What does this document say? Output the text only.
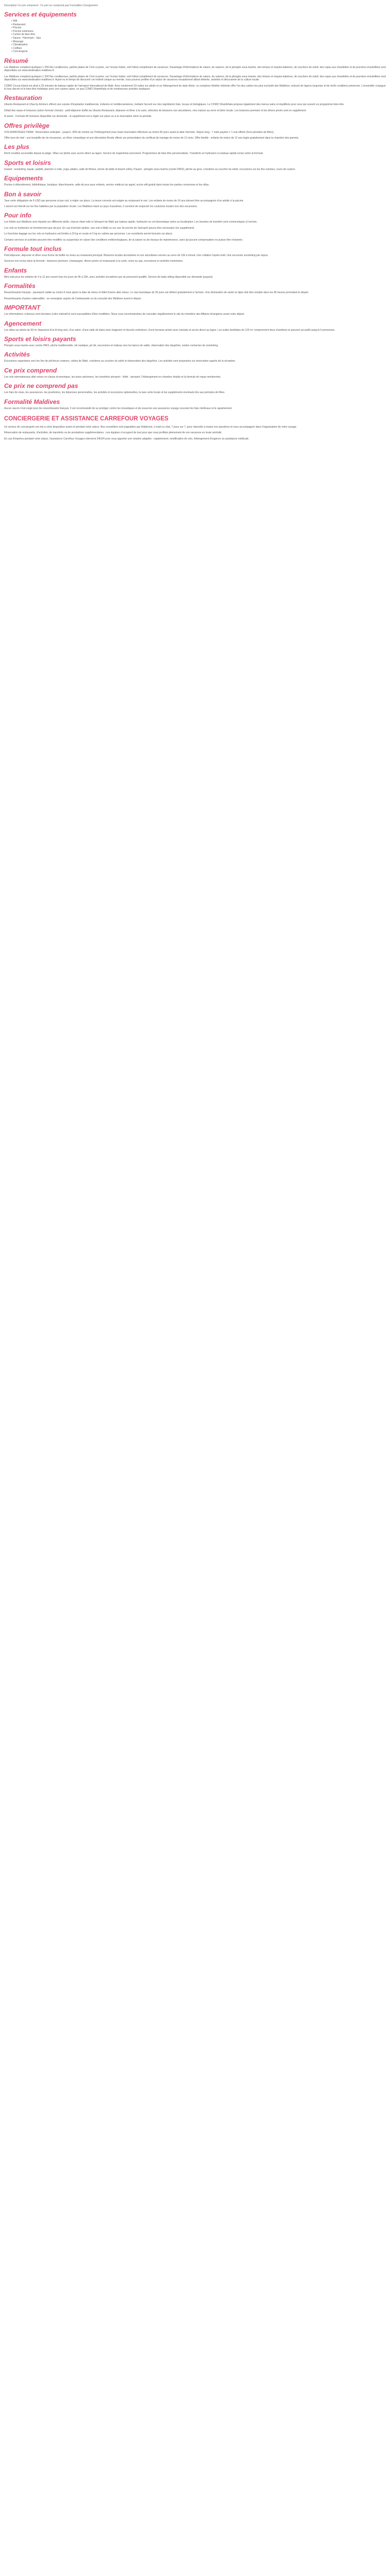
Description Ce prix comprend : Ce prix ne comprend pas Formalités Consignment
Services et équipements
• Wifi
• Restaurant
• Piscine
• Piscine extérieure
• Centre de bien-être
• Sauna - Hammam - Spa
• Massage
• Climatisation
• Coiffure
• Conciergerie
Résumé
Les Maldives comptent quelques 1 200 îles coralliennes, parfois plates de 3 km à peine, sur l'océan Indien, soit l'idéal complément de vacances. Davantage d'informations de nature, de saisons, de la plongée sous-marine, des tortues et requins-baleines, de couchers de soleil, des repas aux chandelles et de journées ensoleillées sont disponibles sur www.destination-maldives.fr.
Les Maldives comptent quelques 1 200 îles coralliennes, parfois plates de 3 km à peine, sur l'océan Indien, soit l'idéal complément de vacances. Davantage d'informations de nature, de saisons, de la plongée sous-marine, des tortues et requins-baleines, de couchers de soleil, des repas aux chandelles et de journées ensoleillées sont disponibles sur www.destination-maldives.fr. Ayant eu le temps de découvrir cet endroit unique au monde, vous pourrez profiter d'un séjour de vacances exceptionnel alliant détente, activités et découverte de la culture locale.
COMO Cocoa Island est situé à 25 minutes de bateau rapide de l'aéroport international de Malé. Avec seulement 33 suites sur pilotis et un hébergement de style dhoni, ce complexe hôtelier intimiste offre l'un des cadres les plus exclusifs des Maldives, entouré de lagons turquoise et de récifs coralliens préservés. L'ensemble conjugue le luxe discret et le bien-être holistique avec une cuisine saine, un spa COMO Shambhala et de nombreuses activités nautiques.
Restauration
Ubuntu Restaurant et Ufaa by Amma's offrent une cuisine d'inspiration maldivienne, indienne et méditerranéenne, mettant l'accent sur des ingrédients frais, locaux et biologiques. Le COMO Shambhala propose également des menus sains et équilibrés pour ceux qui suivent un programme bien-être.
Détail des repas et boissons (selon formule choisie) : petit-déjeuner buffet au Ubuntu Restaurant, déjeuner et dîner à la carte, sélection de boissons non alcoolisées, vins maison au verre et bière locale. Les boissons premium et les dîners privés sont en supplément.
A savoir : Formule All Inclusive disponible sur demande - le supplément est à régler sur place ou à la réservation selon la période.
Offres privilège
VOS AVANTAGES FRAM : Réservation anticipée - jusqu'à -30% de remise sur l'hébergement pour toute réservation effectuée au moins 60 jours avant la date d'arrivée. Séjour long - 7 nuits payées = 1 nuit offerte (hors périodes de fêtes).
Offre lune de miel : une bouteille de vin mousseux, un dîner romantique et une décoration florale offerts sur présentation du certificat de mariage de moins de 12 mois. Offre famille : enfants de moins de 12 ans logés gratuitement dans la chambre des parents.
Les plus
Récif corallien accessible depuis la plage. Villas sur pilotis avec accès direct au lagon. Service de majordome personnel. Programmes de bien-être personnalisés. Transferts en hydravion ou bateau rapide inclus selon la formule.
Sports et loisirs
Gratuit : snorkeling, kayak, paddle, planche à voile, yoga, pilates, salle de fitness, tennis de table et beach-volley. Payant : plongée sous-marine (centre PADI), pêche au gros, croisières au coucher du soleil, excursions sur les îles voisines, cours de cuisine.
Equipements
Piscine à débordement, bibliothèque, boutique, blanchisserie, salle de jeux pour enfants, service médical sur appel, accès wifi gratuit dans toutes les parties communes et les villas.
Bon à savoir
Taxe verte obligatoire de 6 USD par personne et par nuit, à régler sur place. La tenue correcte est exigée au restaurant le soir. Les enfants de moins de 16 ans doivent être accompagnés d'un adulte à la piscine.
L'alcool est interdit sur les îles habitées par la population locale. Les Maldives étant un pays musulman, il convient de respecter les coutumes locales lors des excursions.
Pour info
Les hôtels aux Maldives sont répartis sur différents atolls, chacun étant relié à l'aéroport de Malé par bateau rapide, hydravion ou vol domestique selon sa localisation. Les horaires de transfert sont communiqués à l'arrivée.
Les vols en hydravion ne fonctionnent que de jour. En cas d'arrivée tardive, une nuit à Malé ou sur une île proche de l'aéroport pourra être nécessaire (en supplément).
Le franchise bagage sur les vols en hydravion est limitée à 20 kg en soute et 5 kg en cabine par personne. Les excédents seront facturés sur place.
Certains services et activités peuvent être modifiés ou suspendus en raison des conditions météorologiques, de la saison ou de travaux de maintenance, sans qu'aucune compensation ne puisse être réclamée.
Formule tout inclus
Petit-déjeuner, déjeuner et dîner sous forme de buffet ou menu au restaurant principal. Boissons locales alcoolisées et non alcoolisées servies au verre de 10h à minuit. Une collation l'après-midi. Une excursion snorkeling par séjour.
Services non inclus dans la formule : boissons premium, champagne, dîners privés et restaurants à la carte, soins au spa, excursions et activités motorisées.
Enfants
Mini-club pour les enfants de 4 à 12 ans ouvert tous les jours de 9h à 18h, avec activités encadrées par du personnel qualifié. Service de baby-sitting disponible sur demande (payant).
Formalités
Ressortissants français : passeport valide au moins 6 mois après la date de retour et billet d'avion aller-retour. Le visa touristique de 30 jours est délivré gratuitement à l'arrivée. Une déclaration de santé en ligne doit être remplie dans les 96 heures précédant le départ.
Ressortissants d'autres nationalités : se renseigner auprès de l'ambassade ou du consulat des Maldives avant le départ.
IMPORTANT
Les informations ci-dessus sont données à titre indicatif et sont susceptibles d'être modifiées. Nous vous recommandons de consulter régulièrement le site du ministère des Affaires étrangères avant votre départ.
Agencement
Les villas sur pilotis de 60 m² disposent d'un lit king size, d'un salon, d'une salle de bains avec baignoire et douche extérieure, d'une terrasse privée avec transats et accès direct au lagon. Les suites familiales de 120 m² comprennent deux chambres et peuvent accueillir jusqu'à 4 personnes.
Sports et loisirs payants
Plongée sous-marine avec centre PADI, pêche traditionnelle, ski nautique, jet ski, excursions en bateau vers les bancs de sable, observation des dauphins, sorties nocturnes de snorkeling.
Activités
Excursions organisées vers les îles de pêcheurs voisines, visites de Malé, croisières au coucher du soleil et observation des dauphins. Les activités sont proposées sur réservation auprès de la réception.
Ce prix comprend
Les vols internationaux aller-retour en classe économique, les taxes aériennes, les transferts aéroport - hôtel - aéroport, l'hébergement en chambre double et la formule de repas mentionnée.
Ce prix ne comprend pas
Les frais de visas, les assurances, les pourboires, les dépenses personnelles, les activités et excursions optionnelles, la taxe verte locale et les suppléments éventuels liés aux périodes de fêtes.
Formalité Maldives
Aucun vaccin n'est exigé pour les ressortissants français. Il est recommandé de se protéger contre les moustiques et de souscrire une assurance voyage couvrant les frais médicaux et le rapatriement.
CONCIERGERIE ET ASSISTANCE CARREFOUR VOYAGES
Un service de conciergerie est mis à votre disposition avant et pendant votre séjour. Nos conseillers sont joignables par téléphone, e-mail ou chat, 7 jours sur 7, pour répondre à toutes vos questions et vous accompagner dans l'organisation de votre voyage.
Réservation de restaurants, d'activités, de transferts ou de prestations supplémentaires : nos équipes s'occupent de tout pour que vous profitiez pleinement de vos vacances en toute sérénité.
En cas d'imprévu pendant votre séjour, l'assistance Carrefour Voyages intervient 24h/24 pour vous apporter une solution adaptée : rapatriement, modification de vols, hébergement d'urgence ou assistance médicale.
